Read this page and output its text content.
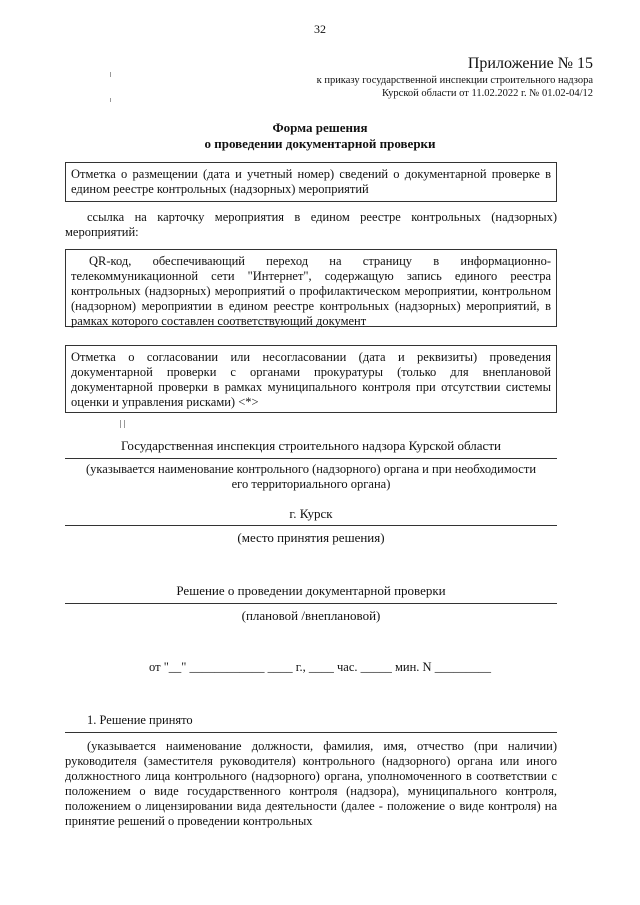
32
Приложение № 15
к приказу государственной инспекции строительного надзора
Курской области от 11.02.2022 г. № 01.02-04/12
Форма решения
о проведении документарной проверки
Отметка о размещении (дата и учетный номер) сведений о документарной проверке в едином реестре контрольных (надзорных) мероприятий
ссылка на карточку мероприятия в едином реестре контрольных (надзорных) мероприятий:

QR-код, обеспечивающий переход на страницу в информационно-телекоммуникационной сети "Интернет", содержащую запись единого реестра контрольных (надзорных) мероприятий о профилактическом мероприятии, контрольном (надзорном) мероприятии в едином реестре контрольных (надзорных) мероприятий, в рамках которого составлен соответствующий документ

Отметка о согласовании или несогласовании (дата и реквизиты) проведения документарной проверки с органами прокуратуры (только для внеплановой документарной проверки в рамках муниципального контроля при отсутствии системы оценки и управления рисками) <*>
Государственная инспекция строительного надзора Курской области
(указывается наименование контрольного (надзорного) органа и при необходимости
его территориального органа)
г. Курск
(место принятия решения)
Решение о проведении документарной проверки
(плановой /внеплановой)
от "__" ____________ ____ г., ____ час. _____ мин. N _________
1. Решение принято
(указывается наименование должности, фамилия, имя, отчество (при наличии) руководителя (заместителя руководителя) контрольного (надзорного) органа или иного должностного лица контрольного (надзорного) органа, уполномоченного в соответствии с положением о виде государственного контроля (надзора), муниципального контроля, положением о лицензировании вида деятельности (далее - положение о виде контроля) на принятие решений о проведении контрольных
